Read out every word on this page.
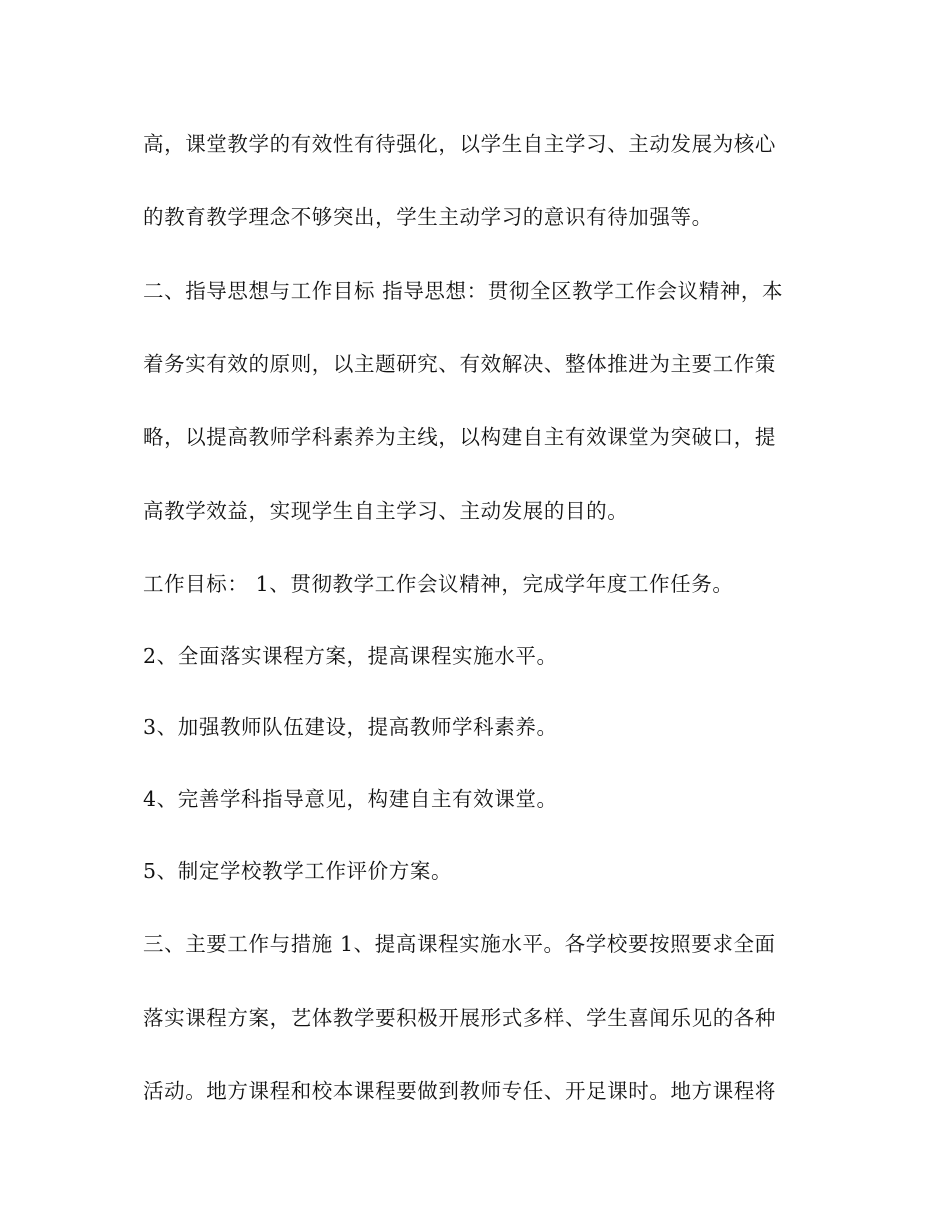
高，课堂教学的有效性有待强化，以学生自主学习、主动发展为核心
的教育教学理念不够突出，学生主动学习的意识有待加强等。
二、指导思想与工作目标 指导思想：贯彻全区教学工作会议精神，本
着务实有效的原则，以主题研究、有效解决、整体推进为主要工作策
略，以提高教师学科素养为主线，以构建自主有效课堂为突破口，提
高教学效益，实现学生自主学习、主动发展的目的。
工作目标： 1、贯彻教学工作会议精神，完成学年度工作任务。
2、全面落实课程方案，提高课程实施水平。
3、加强教师队伍建设，提高教师学科素养。
4、完善学科指导意见，构建自主有效课堂。
5、制定学校教学工作评价方案。
三、主要工作与措施 1、提高课程实施水平。各学校要按照要求全面
落实课程方案，艺体教学要积极开展形式多样、学生喜闻乐见的各种
活动。地方课程和校本课程要做到教师专任、开足课时。地方课程将
